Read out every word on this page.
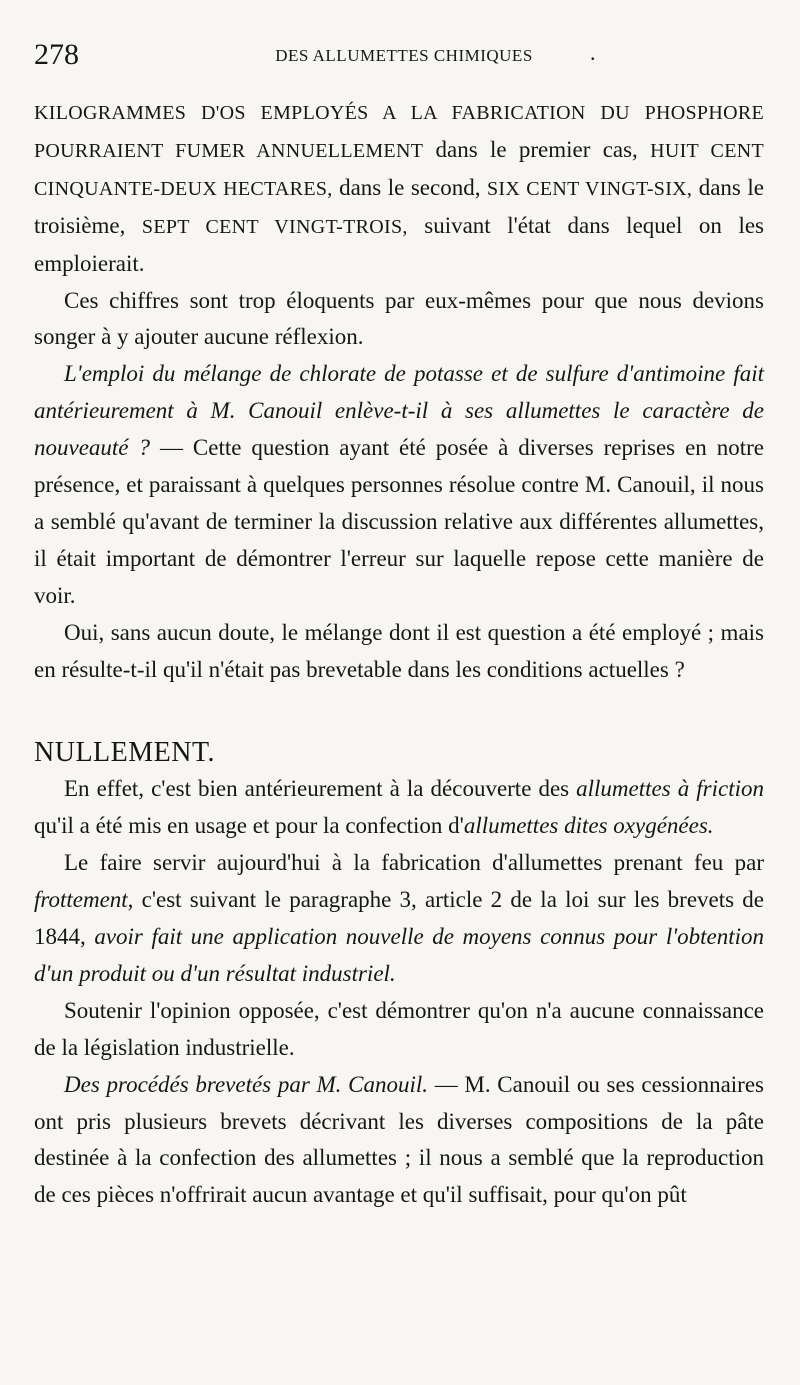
278	DES ALLUMETTES CHIMIQUES	.

KILOGRAMMES D'OS EMPLOYÉS A LA FABRICATION DU PHOSPHORE POURRAIENT FUMER ANNUELLEMENT dans le premier cas, HUIT CENT CINQUANTE-DEUX HECTARES, dans le second, SIX CENT VINGT-SIX, dans le troisième, SEPT CENT VINGT-TROIS, suivant l'état dans lequel on les emploierait.

Ces chiffres sont trop éloquents par eux-mêmes pour que nous devions songer à y ajouter aucune réflexion.

L'emploi du mélange de chlorate de potasse et de sulfure d'antimoine fait antérieurement à M. Canouil enlève-t-il à ses allumettes le caractère de nouveauté ? — Cette question ayant été posée à diverses reprises en notre présence, et paraissant à quelques personnes résolue contre M. Canouil, il nous a semblé qu'avant de terminer la discussion relative aux différentes allumettes, il était important de démontrer l'erreur sur laquelle repose cette manière de voir.

Oui, sans aucun doute, le mélange dont il est question a été employé ; mais en résulte-t-il qu'il n'était pas brevetable dans les conditions actuelles ?

NULLEMENT.

En effet, c'est bien antérieurement à la découverte des allumettes à friction qu'il a été mis en usage et pour la confection d'allumettes dites oxygénées.

Le faire servir aujourd'hui à la fabrication d'allumettes prenant feu par frottement, c'est suivant le paragraphe 3, article 2 de la loi sur les brevets de 1844, avoir fait une application nouvelle de moyens connus pour l'obtention d'un produit ou d'un résultat industriel.

Soutenir l'opinion opposée, c'est démontrer qu'on n'a aucune connaissance de la législation industrielle.

Des procédés brevetés par M. Canouil. — M. Canouil ou ses cessionnaires ont pris plusieurs brevets décrivant les diverses compositions de la pâte destinée à la confection des allumettes ; il nous a semblé que la reproduction de ces pièces n'offrirait aucun avantage et qu'il suffisait, pour qu'on pût
